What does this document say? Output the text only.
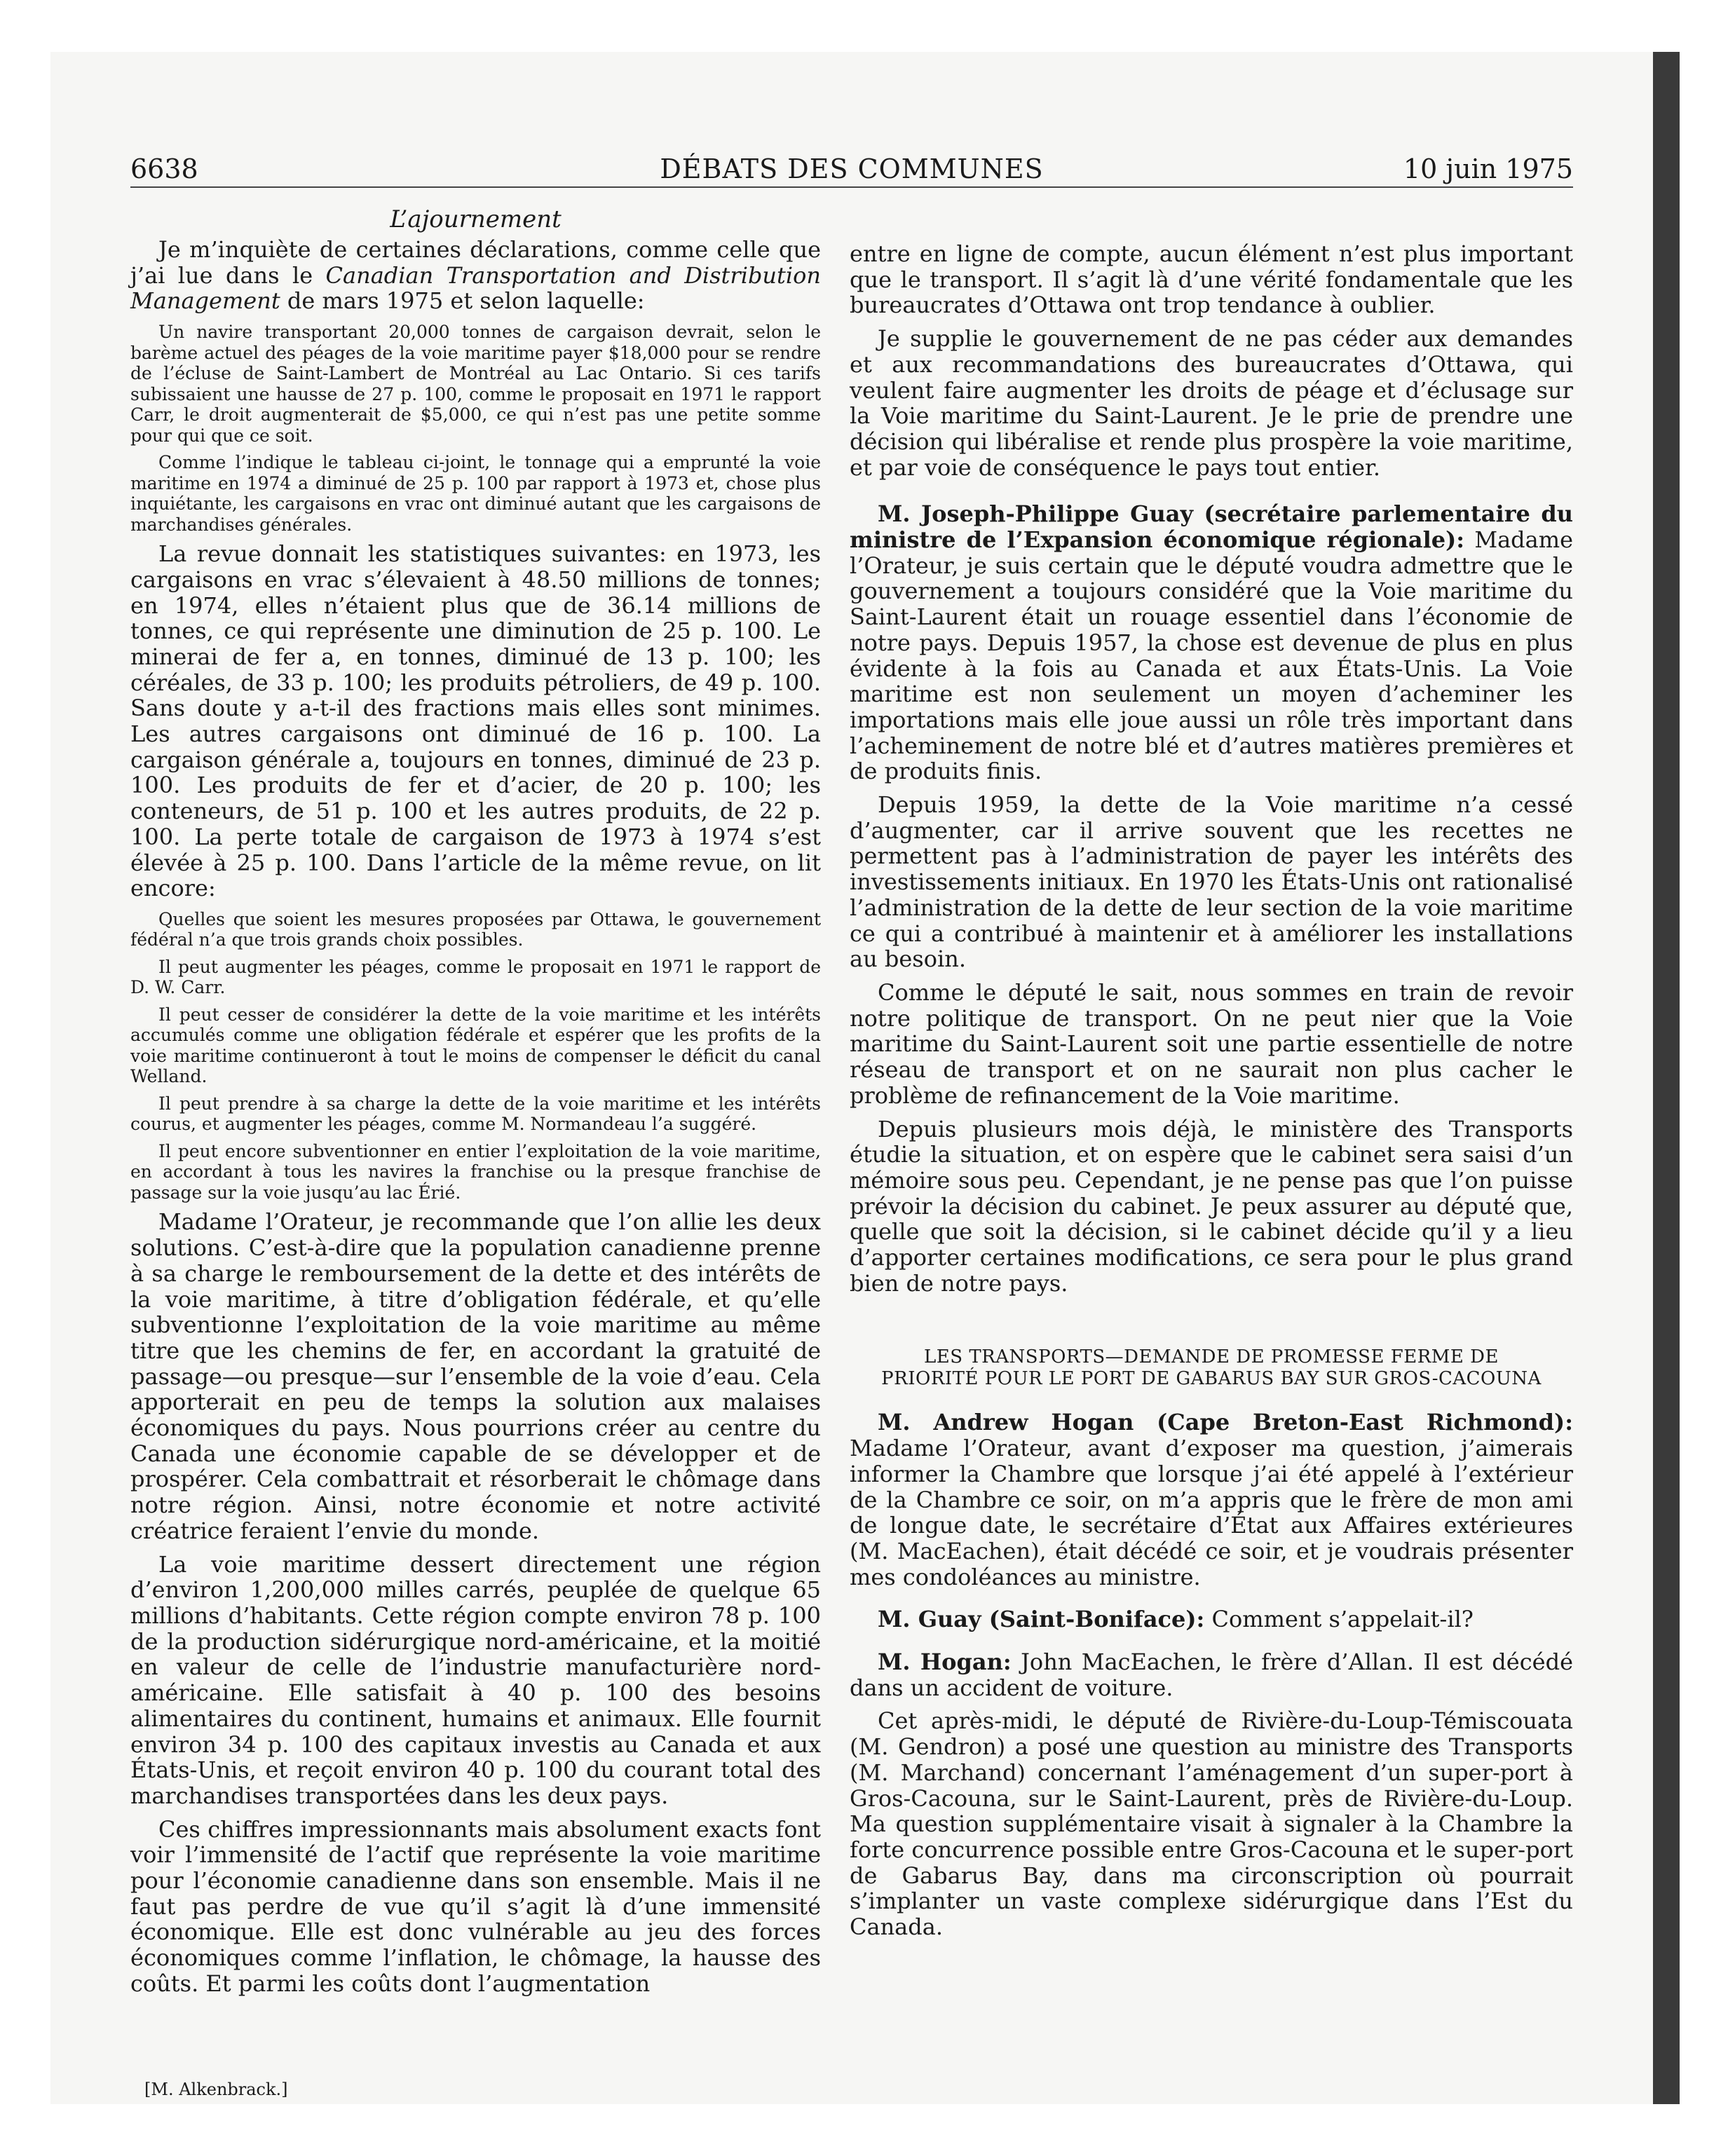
6638	DÉBATS DES COMMUNES	10 juin 1975

L’ajournement

Je m’inquiète de certaines déclarations, comme celle que j’ai lue dans le Canadian Transportation and Distribution Management de mars 1975 et selon laquelle:

Un navire transportant 20,000 tonnes de cargaison devrait, selon le barème actuel des péages de la voie maritime payer $18,000 pour se rendre de l’écluse de Saint-Lambert de Montréal au Lac Ontario. Si ces tarifs subissaient une hausse de 27 p. 100, comme le proposait en 1971 le rapport Carr, le droit augmenterait de $5,000, ce qui n’est pas une petite somme pour qui que ce soit.

Comme l’indique le tableau ci-joint, le tonnage qui a emprunté la voie maritime en 1974 a diminué de 25 p. 100 par rapport à 1973 et, chose plus inquiétante, les cargaisons en vrac ont diminué autant que les cargaisons de marchandises générales.

La revue donnait les statistiques suivantes: en 1973, les cargaisons en vrac s’élevaient à 48.50 millions de tonnes; en 1974, elles n’étaient plus que de 36.14 millions de tonnes, ce qui représente une diminution de 25 p. 100. Le minerai de fer a, en tonnes, diminué de 13 p. 100; les céréales, de 33 p. 100; les produits pétroliers, de 49 p. 100. Sans doute y a-t-il des fractions mais elles sont minimes. Les autres cargaisons ont diminué de 16 p. 100. La cargaison générale a, toujours en tonnes, diminué de 23 p. 100. Les produits de fer et d’acier, de 20 p. 100; les conteneurs, de 51 p. 100 et les autres produits, de 22 p. 100. La perte totale de cargaison de 1973 à 1974 s’est élevée à 25 p. 100. Dans l’article de la même revue, on lit encore:

Quelles que soient les mesures proposées par Ottawa, le gouvernement fédéral n’a que trois grands choix possibles.

Il peut augmenter les péages, comme le proposait en 1971 le rapport de D. W. Carr.

Il peut cesser de considérer la dette de la voie maritime et les intérêts accumulés comme une obligation fédérale et espérer que les profits de la voie maritime continueront à tout le moins de compenser le déficit du canal Welland.

Il peut prendre à sa charge la dette de la voie maritime et les intérêts courus, et augmenter les péages, comme M. Normandeau l’a suggéré.

Il peut encore subventionner en entier l’exploitation de la voie maritime, en accordant à tous les navires la franchise ou la presque franchise de passage sur la voie jusqu’au lac Érié.

Madame l’Orateur, je recommande que l’on allie les deux solutions. C’est-à-dire que la population canadienne prenne à sa charge le remboursement de la dette et des intérêts de la voie maritime, à titre d’obligation fédérale, et qu’elle subventionne l’exploitation de la voie maritime au même titre que les chemins de fer, en accordant la gratuité de passage—ou presque—sur l’ensemble de la voie d’eau. Cela apporterait en peu de temps la solution aux malaises économiques du pays. Nous pourrions créer au centre du Canada une économie capable de se développer et de prospérer. Cela combattrait et résorberait le chômage dans notre région. Ainsi, notre économie et notre activité créatrice feraient l’envie du monde.

La voie maritime dessert directement une région d’environ 1,200,000 milles carrés, peuplée de quelque 65 millions d’habitants. Cette région compte environ 78 p. 100 de la production sidérurgique nord-américaine, et la moitié en valeur de celle de l’industrie manufacturière nord-américaine. Elle satisfait à 40 p. 100 des besoins alimentaires du continent, humains et animaux. Elle fournit environ 34 p. 100 des capitaux investis au Canada et aux États-Unis, et reçoit environ 40 p. 100 du courant total des marchandises transportées dans les deux pays.

Ces chiffres impressionnants mais absolument exacts font voir l’immensité de l’actif que représente la voie maritime pour l’économie canadienne dans son ensemble. Mais il ne faut pas perdre de vue qu’il s’agit là d’une immensité économique. Elle est donc vulnérable au jeu des forces économiques comme l’inflation, le chômage, la hausse des coûts. Et parmi les coûts dont l’augmentation

entre en ligne de compte, aucun élément n’est plus important que le transport. Il s’agit là d’une vérité fondamentale que les bureaucrates d’Ottawa ont trop tendance à oublier.

Je supplie le gouvernement de ne pas céder aux demandes et aux recommandations des bureaucrates d’Ottawa, qui veulent faire augmenter les droits de péage et d’éclusage sur la Voie maritime du Saint-Laurent. Je le prie de prendre une décision qui libéralise et rende plus prospère la voie maritime, et par voie de conséquence le pays tout entier.

M. Joseph-Philippe Guay (secrétaire parlementaire du ministre de l’Expansion économique régionale): Madame l’Orateur, je suis certain que le député voudra admettre que le gouvernement a toujours considéré que la Voie maritime du Saint-Laurent était un rouage essentiel dans l’économie de notre pays. Depuis 1957, la chose est devenue de plus en plus évidente à la fois au Canada et aux États-Unis. La Voie maritime est non seulement un moyen d’acheminer les importations mais elle joue aussi un rôle très important dans l’acheminement de notre blé et d’autres matières premières et de produits finis.

Depuis 1959, la dette de la Voie maritime n’a cessé d’augmenter, car il arrive souvent que les recettes ne permettent pas à l’administration de payer les intérêts des investissements initiaux. En 1970 les États-Unis ont rationalisé l’administration de la dette de leur section de la voie maritime ce qui a contribué à maintenir et à améliorer les installations au besoin.

Comme le député le sait, nous sommes en train de revoir notre politique de transport. On ne peut nier que la Voie maritime du Saint-Laurent soit une partie essentielle de notre réseau de transport et on ne saurait non plus cacher le problème de refinancement de la Voie maritime.

Depuis plusieurs mois déjà, le ministère des Transports étudie la situation, et on espère que le cabinet sera saisi d’un mémoire sous peu. Cependant, je ne pense pas que l’on puisse prévoir la décision du cabinet. Je peux assurer au député que, quelle que soit la décision, si le cabinet décide qu’il y a lieu d’apporter certaines modifications, ce sera pour le plus grand bien de notre pays.

LES TRANSPORTS—DEMANDE DE PROMESSE FERME DE PRIORITÉ POUR LE PORT DE GABARUS BAY SUR GROS-CACOUNA

M. Andrew Hogan (Cape Breton-East Richmond): Madame l’Orateur, avant d’exposer ma question, j’aimerais informer la Chambre que lorsque j’ai été appelé à l’extérieur de la Chambre ce soir, on m’a appris que le frère de mon ami de longue date, le secrétaire d’État aux Affaires extérieures (M. MacEachen), était décédé ce soir, et je voudrais présenter mes condoléances au ministre.

M. Guay (Saint-Boniface): Comment s’appelait-il?

M. Hogan: John MacEachen, le frère d’Allan. Il est décédé dans un accident de voiture.

Cet après-midi, le député de Rivière-du-Loup-Témiscouata (M. Gendron) a posé une question au ministre des Transports (M. Marchand) concernant l’aménagement d’un super-port à Gros-Cacouna, sur le Saint-Laurent, près de Rivière-du-Loup. Ma question supplémentaire visait à signaler à la Chambre la forte concurrence possible entre Gros-Cacouna et le super-port de Gabarus Bay, dans ma circonscription où pourrait s’implanter un vaste complexe sidérurgique dans l’Est du Canada.

[M. Alkenbrack.]
